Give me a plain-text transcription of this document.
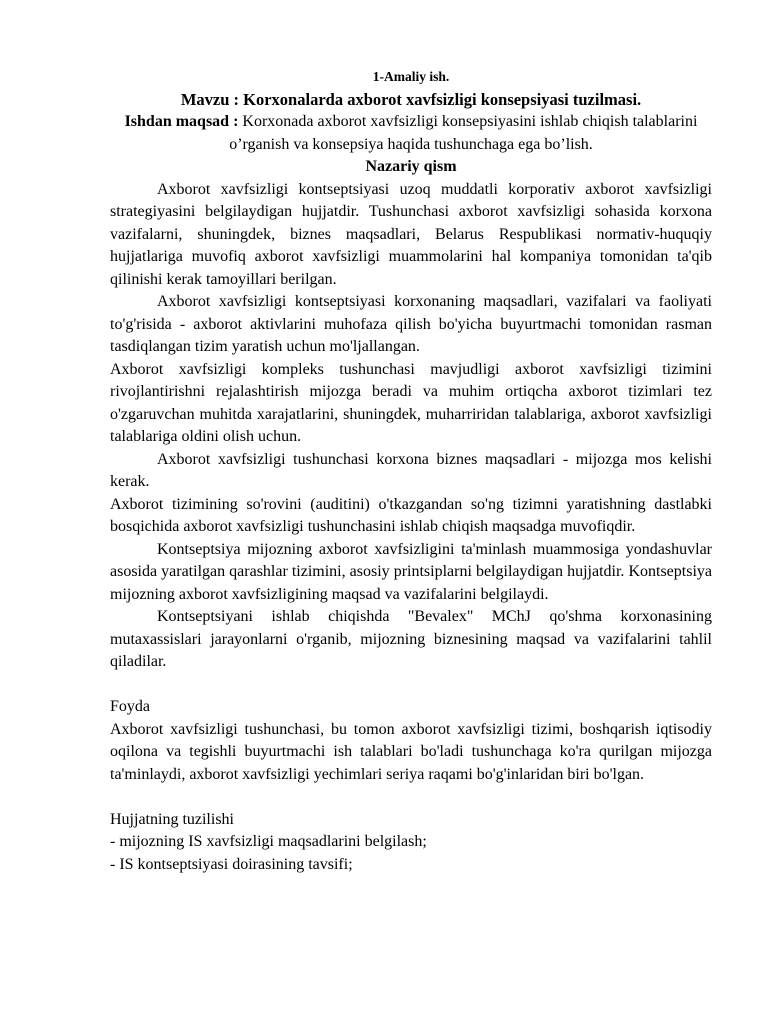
1-Amaliy ish.
Mavzu : Korxonalarda axborot xavfsizligi konsepsiyasi tuzilmasi.
Ishdan maqsad : Korxonada axborot xavfsizligi konsepsiyasini ishlab chiqish talablarini o’rganish va konsepsiya haqida tushunchaga ega bo’lish.
Nazariy qism

Axborot xavfsizligi kontseptsiyasi uzoq muddatli korporativ axborot xavfsizligi strategiyasini belgilaydigan hujjatdir. Tushunchasi axborot xavfsizligi sohasida korxona vazifalarni, shuningdek, biznes maqsadlari, Belarus Respublikasi normativ-huquqiy hujjatlariga muvofiq axborot xavfsizligi muammolarini hal kompaniya tomonidan ta'qib qilinishi kerak tamoyillari berilgan.

Axborot xavfsizligi kontseptsiyasi korxonaning maqsadlari, vazifalari va faoliyati to'g'risida - axborot aktivlarini muhofaza qilish bo'yicha buyurtmachi tomonidan rasman tasdiqlangan tizim yaratish uchun mo'ljallangan.

Axborot xavfsizligi kompleks tushunchasi mavjudligi axborot xavfsizligi tizimini rivojlantirishni rejalashtirish mijozga beradi va muhim ortiqcha axborot tizimlari tez o'zgaruvchan muhitda xarajatlarini, shuningdek, muharriridan talablariga, axborot xavfsizligi talablariga oldini olish uchun.

Axborot xavfsizligi tushunchasi korxona biznes maqsadlari - mijozga mos kelishi kerak.

Axborot tizimining so'rovini (auditini) o'tkazgandan so'ng tizimni yaratishning dastlabki bosqichida axborot xavfsizligi tushunchasini ishlab chiqish maqsadga muvofiqdir.

Kontseptsiya mijozning axborot xavfsizligini ta'minlash muammosiga yondashuvlar asosida yaratilgan qarashlar tizimini, asosiy printsiplarni belgilaydigan hujjatdir. Kontseptsiya mijozning axborot xavfsizligining maqsad va vazifalarini belgilaydi.

Kontseptsiyani ishlab chiqishda "Bevalex" MChJ qo'shma korxonasining mutaxassislari jarayonlarni o'rganib, mijozning biznesining maqsad va vazifalarini tahlil qiladilar.

Foyda

Axborot xavfsizligi tushunchasi, bu tomon axborot xavfsizligi tizimi, boshqarish iqtisodiy oqilona va tegishli buyurtmachi ish talablari bo'ladi tushunchaga ko'ra qurilgan mijozga ta'minlaydi, axborot xavfsizligi yechimlari seriya raqami bo'g'inlaridan biri bo'lgan.

Hujjatning tuzilishi

- mijozning IS xavfsizligi maqsadlarini belgilash;

- IS kontseptsiyasi doirasining tavsifi;
